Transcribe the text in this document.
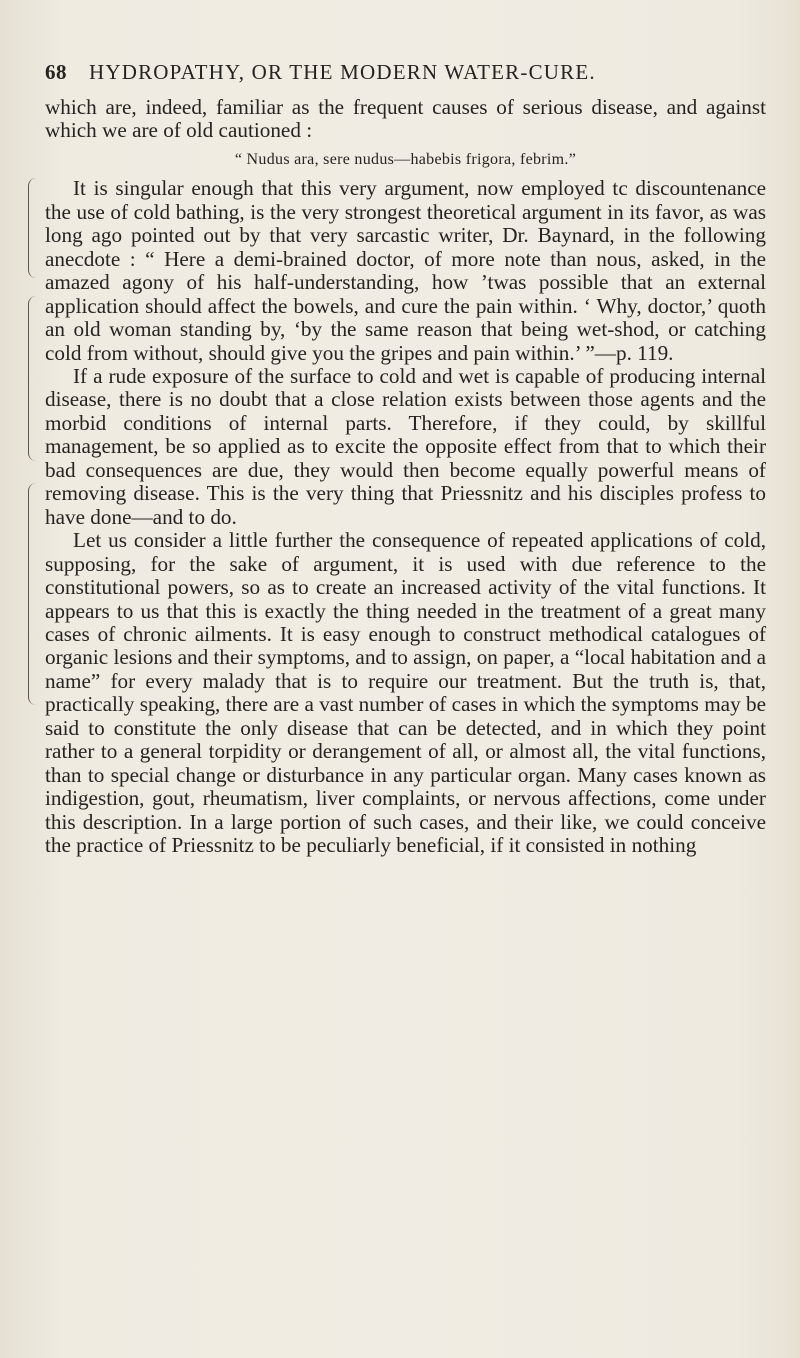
68 HYDROPATHY, OR THE MODERN WATER-CURE.

which are, indeed, familiar as the frequent causes of serious disease, and against which we are of old cautioned :

“ Nudus ara, sere nudus—habebis frigora, febrim.”

It is singular enough that this very argument, now employed tc discountenance the use of cold bathing, is the very strongest theoretical argument in its favor, as was long ago pointed out by that very sarcastic writer, Dr. Baynard, in the following anecdote : “ Here a demi-brained doctor, of more note than nous, asked, in the amazed agony of his half-understanding, how ’twas possible that an external application should affect the bowels, and cure the pain within. ‘ Why, doctor,’ quoth an old woman standing by, ‘by the same reason that being wet-shod, or catching cold from without, should give you the gripes and pain within.’ ”—p. 119.

If a rude exposure of the surface to cold and wet is capable of producing internal disease, there is no doubt that a close relation exists between those agents and the morbid conditions of internal parts. Therefore, if they could, by skillful management, be so applied as to excite the opposite effect from that to which their bad consequences are due, they would then become equally powerful means of removing disease. This is the very thing that Priessnitz and his disciples profess to have done—and to do.

Let us consider a little further the consequence of repeated applications of cold, supposing, for the sake of argument, it is used with due reference to the constitutional powers, so as to create an increased activity of the vital functions. It appears to us that this is exactly the thing needed in the treatment of a great many cases of chronic ailments. It is easy enough to construct methodical catalogues of organic lesions and their symptoms, and to assign, on paper, a “local habitation and a name” for every malady that is to require our treatment. But the truth is, that, practically speaking, there are a vast number of cases in which the symptoms may be said to constitute the only disease that can be detected, and in which they point rather to a general torpidity or derangement of all, or almost all, the vital functions, than to special change or disturbance in any particular organ. Many cases known as indigestion, gout, rheumatism, liver complaints, or nervous affections, come under this description. In a large portion of such cases, and their like, we could conceive the practice of Priessnitz to be peculiarly beneficial, if it consisted in nothing
